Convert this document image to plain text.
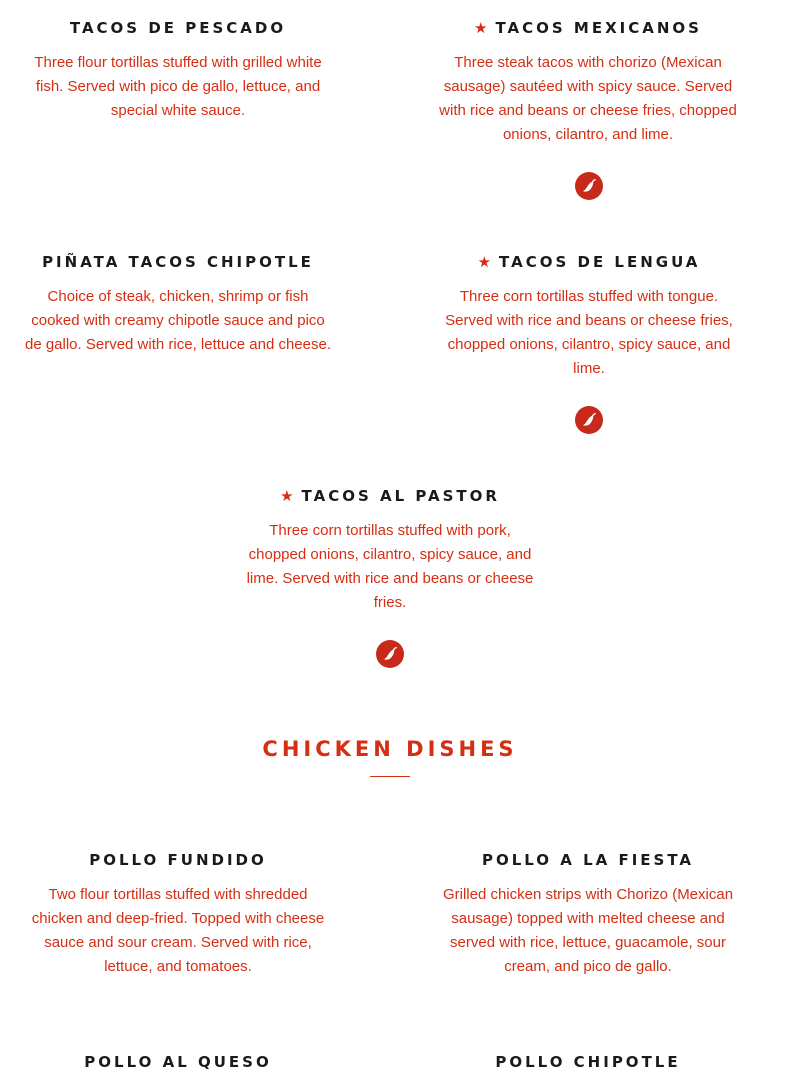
TACOS DE PESCADO

Three flour tortillas stuffed with grilled white fish. Served with pico de gallo, lettuce, and special white sauce.

★ TACOS MEXICANOS

Three steak tacos with chorizo (Mexican sausage) sautéed with spicy sauce. Served with rice and beans or cheese fries, chopped onions, cilantro, and lime.

PIÑATA TACOS CHIPOTLE

Choice of steak, chicken, shrimp or fish cooked with creamy chipotle sauce and pico de gallo. Served with rice, lettuce and cheese.

★ TACOS DE LENGUA

Three corn tortillas stuffed with tongue. Served with rice and beans or cheese fries, chopped onions, cilantro, spicy sauce, and lime.

★ TACOS AL PASTOR

Three corn tortillas stuffed with pork, chopped onions, cilantro, spicy sauce, and lime. Served with rice and beans or cheese fries.

CHICKEN DISHES
POLLO FUNDIDO

Two flour tortillas stuffed with shredded chicken and deep-fried. Topped with cheese sauce and sour cream. Served with rice, lettuce, and tomatoes.

POLLO A LA FIESTA

Grilled chicken strips with Chorizo (Mexican sausage) topped with melted cheese and served with rice, lettuce, guacamole, sour cream, and pico de gallo.

POLLO AL QUESO	POLLO CHIPOTLE
